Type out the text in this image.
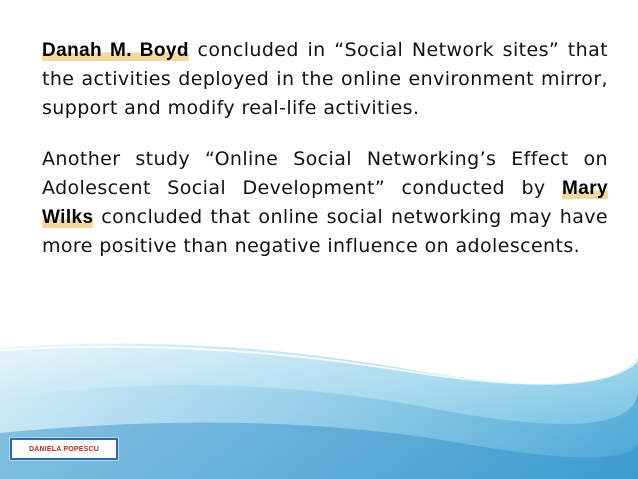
Danah M. Boyd concluded in “Social Network sites” that the activities deployed in the online environment mirror, support and modify real-life activities.

Another study “Online Social Networking’s Effect on Adolescent Social Development” conducted by Mary Wilks concluded that online social networking may have more positive than negative influence on adolescents.

DANIELA POPESCU
